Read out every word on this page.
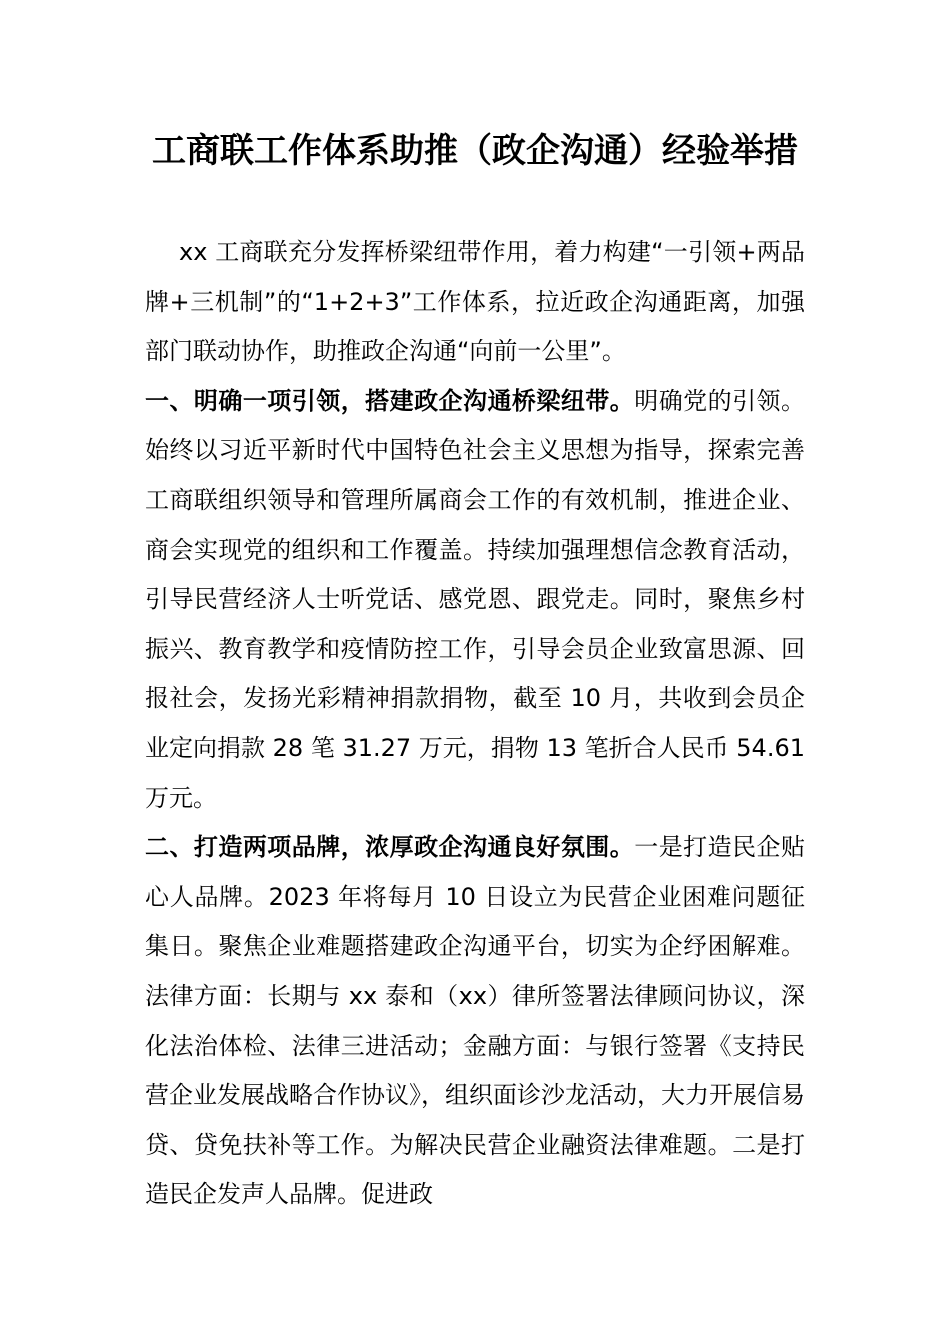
工商联工作体系助推（政企沟通）经验举措

xx 工商联充分发挥桥梁纽带作用，着力构建“一引领+两品牌+三机制”的“1+2+3”工作体系，拉近政企沟通距离，加强部门联动协作，助推政企沟通“向前一公里”。

一、明确一项引领，搭建政企沟通桥梁纽带。明确党的引领。始终以习近平新时代中国特色社会主义思想为指导，探索完善工商联组织领导和管理所属商会工作的有效机制，推进企业、商会实现党的组织和工作覆盖。持续加强理想信念教育活动，引导民营经济人士听党话、感党恩、跟党走。同时，聚焦乡村振兴、教育教学和疫情防控工作，引导会员企业致富思源、回报社会，发扬光彩精神捐款捐物，截至 10 月，共收到会员企业定向捐款 28 笔 31.27 万元，捐物 13 笔折合人民币 54.61 万元。

二、打造两项品牌，浓厚政企沟通良好氛围。一是打造民企贴心人品牌。2023 年将每月 10 日设立为民营企业困难问题征集日。聚焦企业难题搭建政企沟通平台，切实为企纾困解难。法律方面：长期与 xx 泰和（xx）律所签署法律顾问协议，深化法治体检、法律三进活动；金融方面：与银行签署《支持民营企业发展战略合作协议》，组织面诊沙龙活动，大力开展信易贷、贷免扶补等工作。为解决民营企业融资法律难题。二是打造民企发声人品牌。促进政
